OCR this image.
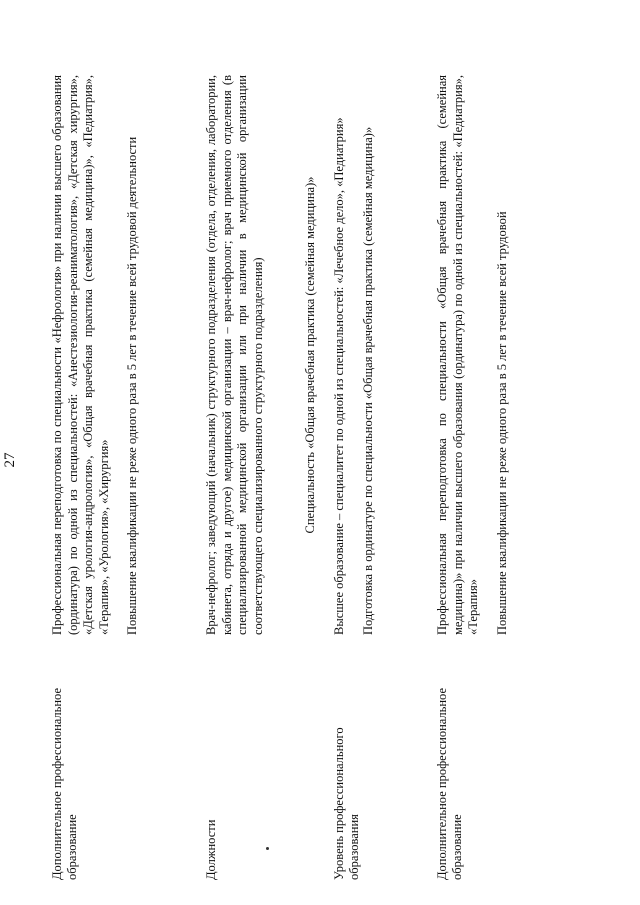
27
Дополнительное профессиональное образование

Профессиональная переподготовка по специальности «Нефрология» при наличии высшего образования (ординатура) по одной из специальностей: «Анестезиология-реаниматология», «Детская хирургия», «Детская урология-андрология», «Общая врачебная практика (семейная медицина)», «Педиатрия», «Терапия», «Урология», «Хирургия» Повышение квалификации не реже одного раза в 5 лет в течение всей трудовой деятельности

Должности

Врач-нефролог; заведующий (начальник) структурного подразделения (отдела, отделения, лаборатории, кабинета, отряда и другое) медицинской организации – врач-нефролог; врач приемного отделения (в специализированной медицинской организации или при наличии в медицинской организации соответствующего специализированного структурного подразделения)	Специальность «Общая врачебная практика (семейная медицина)»
Уровень профессионального образования

Высшее образование – специалитет по одной из специальностей: «Лечебное дело», «Педиатрия» Подготовка в ординатуре по специальности «Общая врачебная практика (семейная медицина)»

Дополнительное профессиональное образование

Профессиональная переподготовка по специальности «Общая врачебная практика (семейная медицина)» при наличии высшего образования (ординатура) по одной из специальностей: «Педиатрия», «Терапия» Повышение квалификации не реже одного раза в 5 лет в течение всей трудовой
